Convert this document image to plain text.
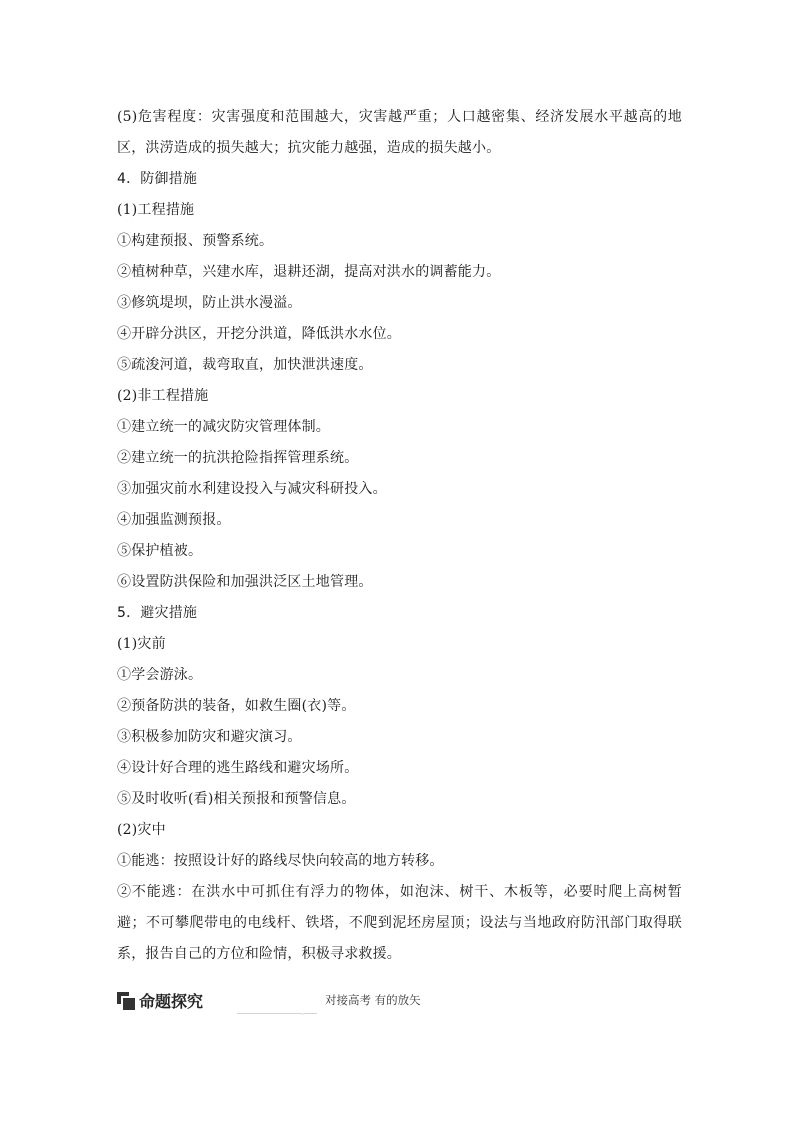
(5)危害程度：灾害强度和范围越大，灾害越严重；人口越密集、经济发展水平越高的地区，洪涝造成的损失越大；抗灾能力越强，造成的损失越小。
4．防御措施
(1)工程措施
①构建预报、预警系统。
②植树种草，兴建水库，退耕还湖，提高对洪水的调蓄能力。
③修筑堤坝，防止洪水漫溢。
④开辟分洪区，开挖分洪道，降低洪水水位。
⑤疏浚河道，裁弯取直，加快泄洪速度。
(2)非工程措施
①建立统一的减灾防灾管理体制。
②建立统一的抗洪抢险指挥管理系统。
③加强灾前水利建设投入与减灾科研投入。
④加强监测预报。
⑤保护植被。
⑥设置防洪保险和加强洪泛区土地管理。
5．避灾措施
(1)灾前
①学会游泳。
②预备防洪的装备，如救生圈(衣)等。
③积极参加防灾和避灾演习。
④设计好合理的逃生路线和避灾场所。
⑤及时收听(看)相关预报和预警信息。
(2)灾中
①能逃：按照设计好的路线尽快向较高的地方转移。
②不能逃：在洪水中可抓住有浮力的物体，如泡沫、树干、木板等，必要时爬上高树暂避；不可攀爬带电的电线杆、铁塔，不爬到泥坯房屋顶；设法与当地政府防汛部门取得联系，报告自己的方位和险情，积极寻求救援。
命题探究	对接高考 有的放矢
